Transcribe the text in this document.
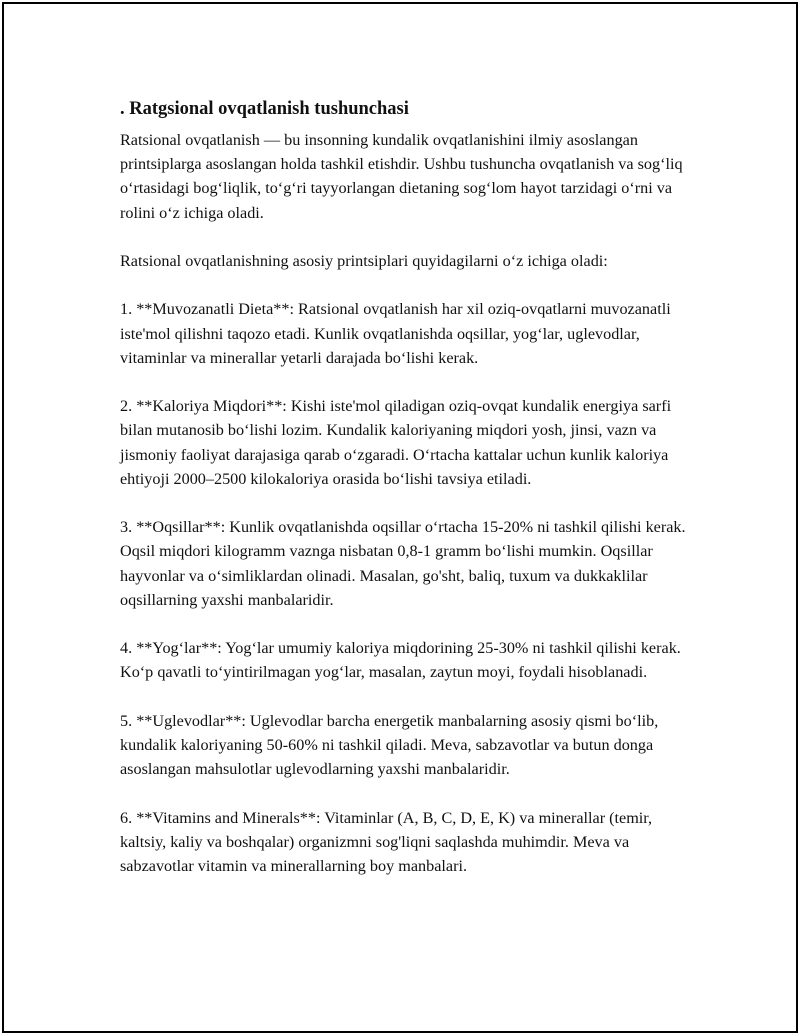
. Ratgsional ovqatlanish tushunchasi

Ratsional ovqatlanish — bu insonning kundalik ovqatlanishini ilmiy asoslangan printsiplarga asoslangan holda tashkil etishdir. Ushbu tushuncha ovqatlanish va sog‘liq o‘rtasidagi bog‘liqlik, to‘g‘ri tayyorlangan dietaning sog‘lom hayot tarzidagi o‘rni va rolini o‘z ichiga oladi.

Ratsional ovqatlanishning asosiy printsiplari quyidagilarni o‘z ichiga oladi:

1. **Muvozanatli Dieta**: Ratsional ovqatlanish har xil oziq-ovqatlarni muvozanatli iste'mol qilishni taqozo etadi. Kunlik ovqatlanishda oqsillar, yog‘lar, uglevodlar, vitaminlar va minerallar yetarli darajada bo‘lishi kerak.

2. **Kaloriya Miqdori**: Kishi iste'mol qiladigan oziq-ovqat kundalik energiya sarfi bilan mutanosib bo‘lishi lozim. Kundalik kaloriyaning miqdori yosh, jinsi, vazn va jismoniy faoliyat darajasiga qarab o‘zgaradi. O‘rtacha kattalar uchun kunlik kaloriya ehtiyoji 2000–2500 kilokaloriya orasida bo‘lishi tavsiya etiladi.

3. **Oqsillar**: Kunlik ovqatlanishda oqsillar o‘rtacha 15-20% ni tashkil qilishi kerak. Oqsil miqdori kilogramm vaznga nisbatan 0,8-1 gramm bo‘lishi mumkin. Oqsillar hayvonlar va o‘simliklardan olinadi. Masalan, go'sht, baliq, tuxum va dukkaklilar oqsillarning yaxshi manbalaridir.

4. **Yog‘lar**: Yog‘lar umumiy kaloriya miqdorining 25-30% ni tashkil qilishi kerak. Ko‘p qavatli to‘yintirilmagan yog‘lar, masalan, zaytun moyi, foydali hisoblanadi.

5. **Uglevodlar**: Uglevodlar barcha energetik manbalarning asosiy qismi bo‘lib, kundalik kaloriyaning 50-60% ni tashkil qiladi. Meva, sabzavotlar va butun donga asoslangan mahsulotlar uglevodlarning yaxshi manbalaridir.

6. **Vitamins and Minerals**: Vitaminlar (A, B, C, D, E, K) va minerallar (temir, kaltsiy, kaliy va boshqalar) organizmni sog'liqni saqlashda muhimdir. Meva va sabzavotlar vitamin va minerallarning boy manbalari.
